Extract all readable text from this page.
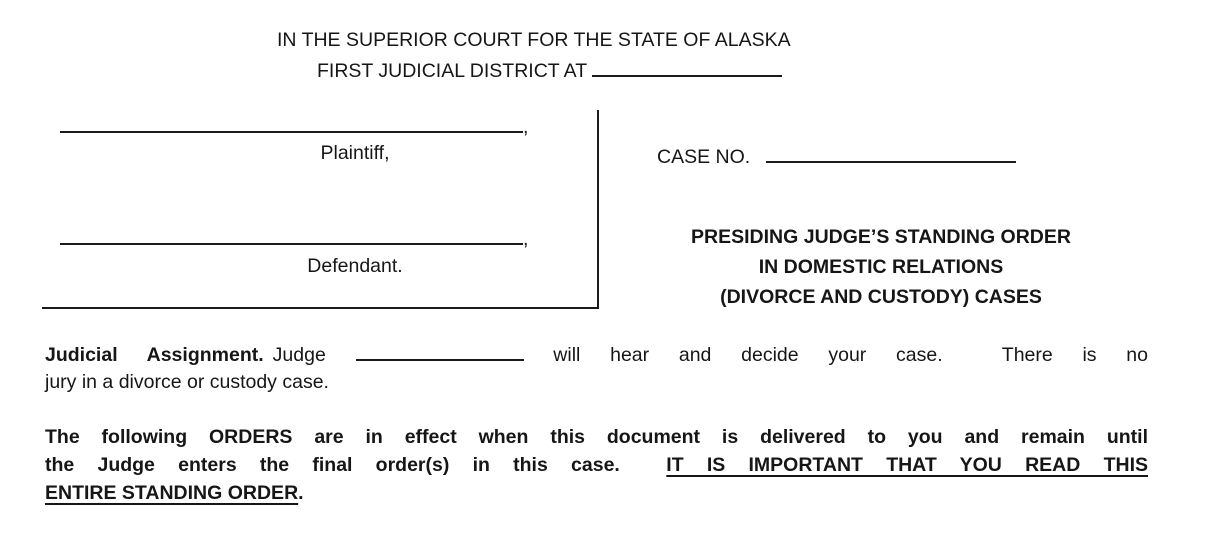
IN THE SUPERIOR COURT FOR THE STATE OF ALASKA
FIRST JUDICIAL DISTRICT AT
,
Plaintiff,
,
Defendant.
CASE NO.
PRESIDING JUDGE’S STANDING ORDER
IN DOMESTIC RELATIONS
(DIVORCE AND CUSTODY) CASES
Judicial Assignment. Judge	will hear and decide your case.  There is no
jury in a divorce or custody case.
The following ORDERS are in effect when this document is delivered to you and remain until
the Judge enters the final order(s) in this case.  IT IS IMPORTANT THAT YOU READ THIS
ENTIRE STANDING ORDER.
